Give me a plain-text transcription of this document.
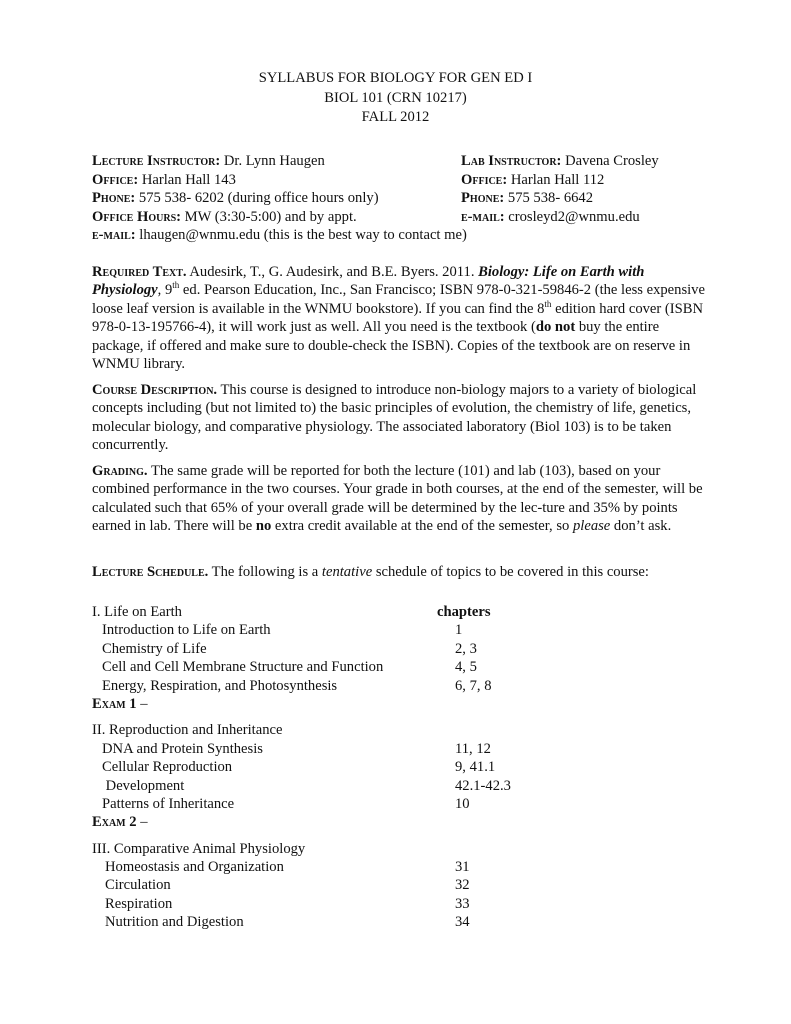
SYLLABUS FOR BIOLOGY FOR GEN ED I
BIOL 101 (CRN 10217)
FALL 2012
Lecture Instructor: Dr. Lynn Haugen
Office: Harlan Hall 143
Phone: 575 538- 6202 (during office hours only)
Office Hours: MW (3:30-5:00) and by appt.
Lab Instructor: Davena Crosley
Office: Harlan Hall 112
Phone: 575 538- 6642
e-mail: crosleyd2@wnmu.edu
e-mail: lhaugen@wnmu.edu (this is the best way to contact me)

Required Text. Audesirk, T., G. Audesirk, and B.E. Byers. 2011. Biology: Life on Earth with Physiology, 9th ed. Pearson Education, Inc., San Francisco; ISBN 978-0-321-59846-2 (the less expensive loose leaf version is available in the WNMU bookstore). If you can find the 8th edition hard cover (ISBN 978-0-13-195766-4), it will work just as well. All you need is the textbook (do not buy the entire package, if offered and make sure to double-check the ISBN). Copies of the textbook are on reserve in WNMU library.

Course Description. This course is designed to introduce non-biology majors to a variety of biological concepts including (but not limited to) the basic principles of evolution, the chemistry of life, genetics, molecular biology, and comparative physiology. The associated laboratory (Biol 103) is to be taken concurrently.

Grading. The same grade will be reported for both the lecture (101) and lab (103), based on your combined performance in the two courses. Your grade in both courses, at the end of the semester, will be calculated such that 65% of your overall grade will be determined by the lec-ture and 35% by points earned in lab. There will be no extra credit available at the end of the semester, so please don’t ask.

Lecture Schedule. The following is a tentative schedule of topics to be covered in this course:

I. Life on Earth	chapters
Introduction to Life on Earth	1
Chemistry of Life	2, 3
Cell and Cell Membrane Structure and Function	4, 5
Energy, Respiration, and Photosynthesis	6, 7, 8
Exam 1 –
II. Reproduction and Inheritance
DNA and Protein Synthesis	11, 12
Cellular Reproduction	9, 41.1
Development	42.1-42.3
Patterns of Inheritance	10
Exam 2 –
III. Comparative Animal Physiology
Homeostasis and Organization	31
Circulation	32
Respiration	33
Nutrition and Digestion	34
